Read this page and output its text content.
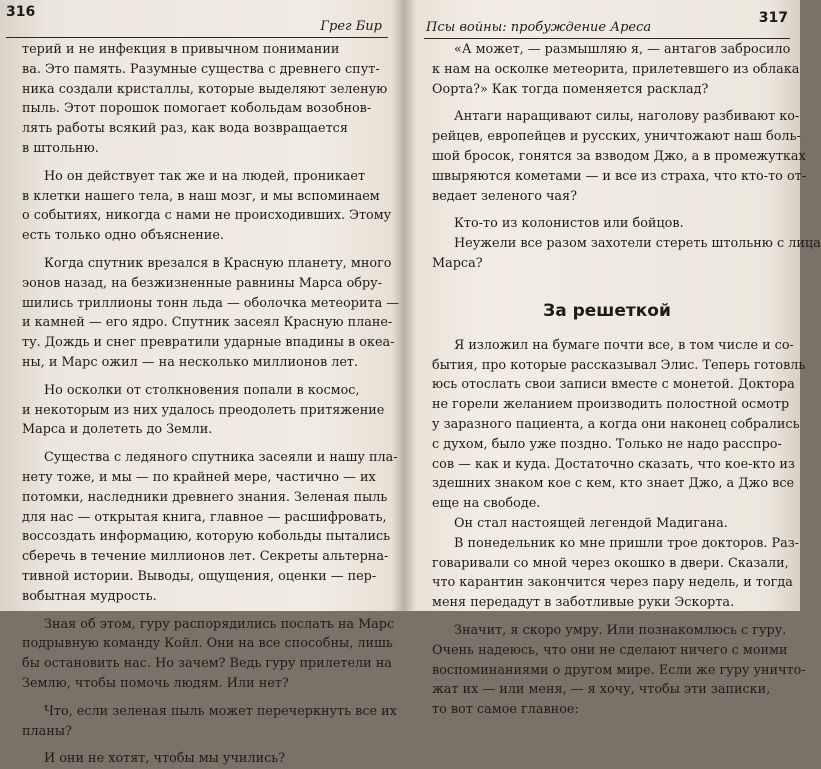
316
Грег Бир
терий и не инфекция в привычном понимании
ва. Это память. Разумные существа с древнего спут-
ника создали кристаллы, которые выделяют зеленую
пыль. Этот порошок помогает кобольдам возобнов-
лять работы всякий раз, как вода возвращается
в штольню.
Но он действует так же и на людей, проникает
в клетки нашего тела, в наш мозг, и мы вспоминаем
о событиях, никогда с нами не происходивших. Этому
есть только одно объяснение.
Когда спутник врезался в Красную планету, много
эонов назад, на безжизненные равнины Марса обру-
шились триллионы тонн льда — оболочка метеорита —
и камней — его ядро. Спутник засеял Красную плане-
ту. Дождь и снег превратили ударные впадины в океа-
ны, и Марс ожил — на несколько миллионов лет.
Но осколки от столкновения попали в космос,
и некоторым из них удалось преодолеть притяжение
Марса и долететь до Земли.
Существа с ледяного спутника засеяли и нашу пла-
нету тоже, и мы — по крайней мере, частично — их
потомки, наследники древнего знания. Зеленая пыль
для нас — открытая книга, главное — расшифровать,
воссоздать информацию, которую кобольды пытались
сберечь в течение миллионов лет. Секреты альтерна-
тивной истории. Выводы, ощущения, оценки — пер-
вобытная мудрость.
Зная об этом, гуру распорядились послать на Марс
подрывную команду Койл. Они на все способны, лишь
бы остановить нас. Но зачем? Ведь гуру прилетели на
Землю, чтобы помочь людям. Или нет?
Что, если зеленая пыль может перечеркнуть все их
планы?
И они не хотят, чтобы мы учились?
317
Псы войны: пробуждение Ареса
«А может, — размышляю я, — антагов забросило
к нам на осколке метеорита, прилетевшего из облака
Оорта?» Как тогда поменяется расклад?
Антаги наращивают силы, наголову разбивают ко-
рейцев, европейцев и русских, уничтожают наш боль-
шой бросок, гонятся за взводом Джо, а в промежутках
швыряются кометами — и все из страха, что кто-то от-
ведает зеленого чая?
Кто-то из колонистов или бойцов.
Неужели все разом захотели стереть штольню с лица
Марса?
За решеткой
Я изложил на бумаге почти все, в том числе и со-
бытия, про которые рассказывал Элис. Теперь готовль
юсь отослать свои записи вместе с монетой. Доктора
не горели желанием производить полостной осмотр
у заразного пациента, а когда они наконец собрались
с духом, было уже поздно. Только не надо расспро-
сов — как и куда. Достаточно сказать, что кое-кто из
здешних знаком кое с кем, кто знает Джо, а Джо все
еще на свободе.
Он стал настоящей легендой Мадигана.
В понедельник ко мне пришли трое докторов. Раз-
говаривали со мной через окошко в двери. Сказали,
что карантин закончится через пару недель, и тогда
меня передадут в заботливые руки Эскорта.
Значит, я скоро умру. Или познакомлюсь с гуру.
Очень надеюсь, что они не сделают ничего с моими
воспоминаниями о другом мире. Если же гуру уничто-
жат их — или меня, — я хочу, чтобы эти записки,
то вот самое главное:
